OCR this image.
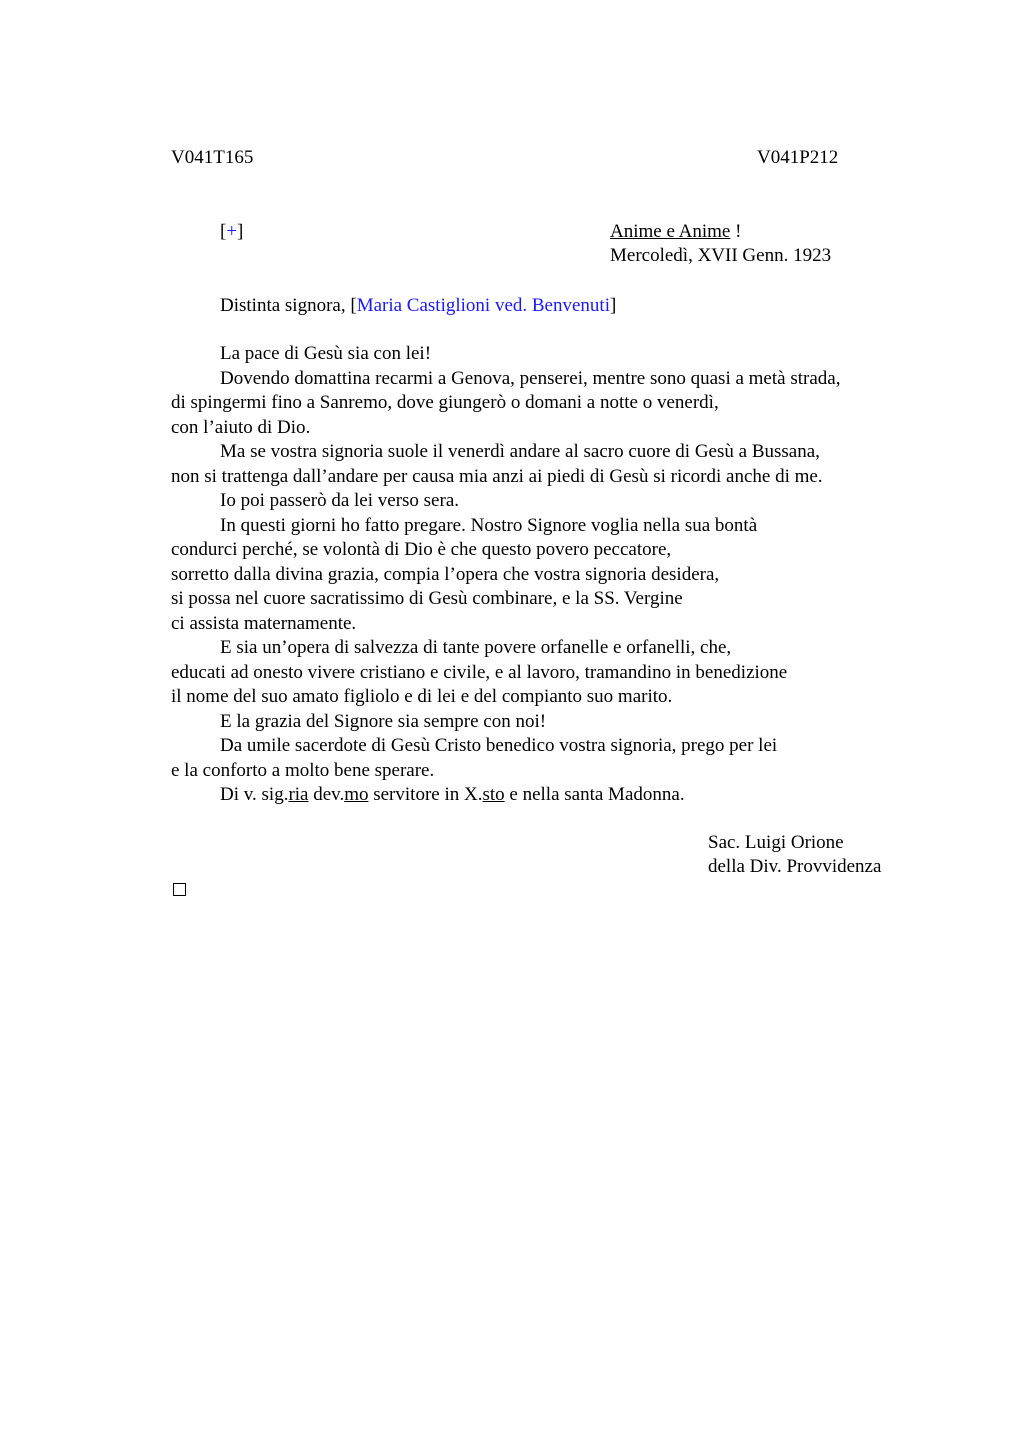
V041T165	V041P212
[+]	Anime e Anime !
Mercoledì, XVII Genn. 1923
Distinta signora, [Maria Castiglioni ved. Benvenuti]
La pace di Gesù sia con lei!
Dovendo domattina recarmi a Genova, penserei, mentre sono quasi a metà strada,
di spingermi fino a Sanremo, dove giungerò o domani a notte o venerdì,
con l’aiuto di Dio.
Ma se vostra signoria suole il venerdì andare al sacro cuore di Gesù a Bussana,
non si trattenga dall’andare per causa mia anzi ai piedi di Gesù si ricordi anche di me.
Io poi passerò da lei verso sera.
In questi giorni ho fatto pregare. Nostro Signore voglia nella sua bontà
condurci perché, se volontà di Dio è che questo povero peccatore,
sorretto dalla divina grazia, compia l’opera che vostra signoria desidera,
si possa nel cuore sacratissimo di Gesù combinare, e la SS. Vergine
ci assista maternamente.
E sia un’opera di salvezza di tante povere orfanelle e orfanelli, che,
educati ad onesto vivere cristiano e civile, e al lavoro, tramandino in benedizione
il nome del suo amato figliolo e di lei e del compianto suo marito.
E la grazia del Signore sia sempre con noi!
Da umile sacerdote di Gesù Cristo benedico vostra signoria, prego per lei
e la conforto a molto bene sperare.
Di v. sig.ria dev.mo servitore in X.sto e nella santa Madonna.
Sac. Luigi Orione
della Div. Provvidenza
